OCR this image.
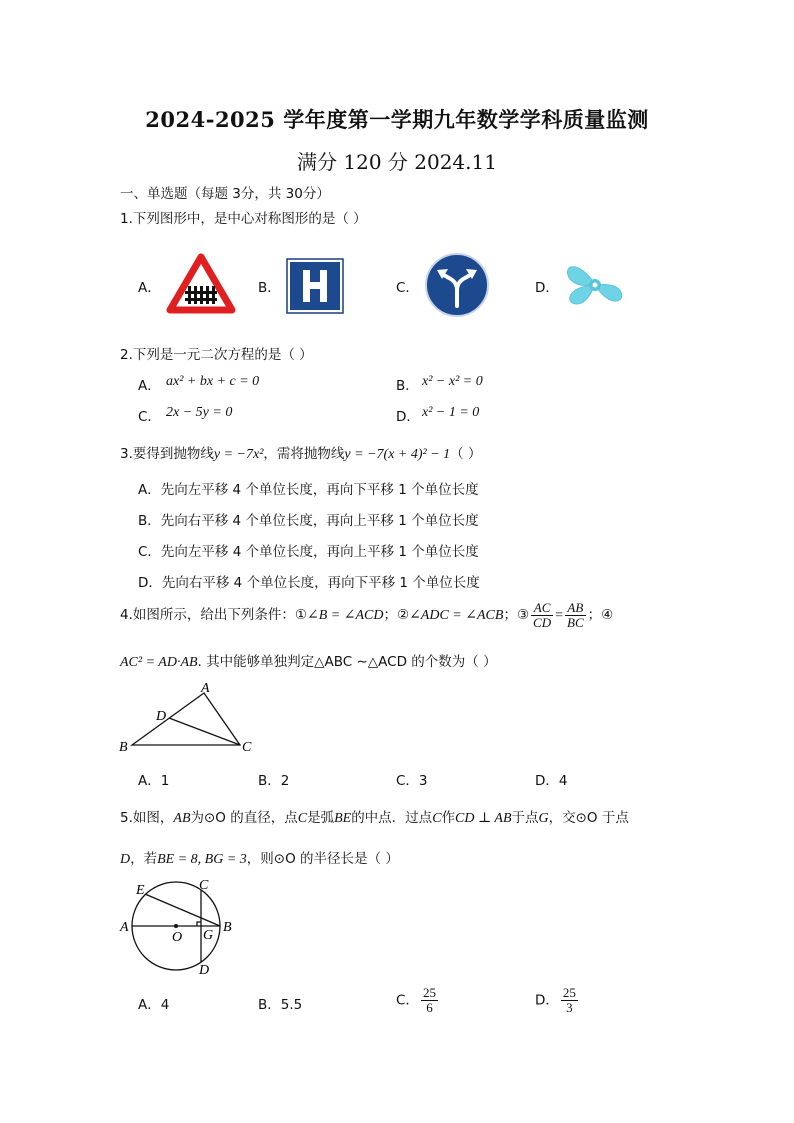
2024-2025 学年度第一学期九年数学学科质量监测
满分 120 分 2024.11
一、单选题（每题 3分，共 30分）
1.下列图形中，是中心对称图形的是（ ）
A．	B．	C．	D．
2.下列是一元二次方程的是（ ）
A． ax² + bx + c = 0	B． x² − x² = 0
C． 2x − 5y = 0	D． x² − 1 = 0
3.要得到抛物线y = −7x²，需将抛物线y = −7(x + 4)² − 1（ ）
A．先向左平移 4 个单位长度，再向下平移 1 个单位长度
B．先向右平移 4 个单位长度，再向上平移 1 个单位长度
C．先向左平移 4 个单位长度，再向上平移 1 个单位长度
D．先向右平移 4 个单位长度，再向下平移 1 个单位长度
4.如图所示，给出下列条件：①∠B = ∠ACD；②∠ADC = ∠ACB；③ $\frac{AC}{CD} = \frac{AB}{BC}$ ；④
AC² = AD·AB. 其中能够单独判定△ABC ∼△ACD 的个数为（ ）
A
D
B	C
A．1	B．2	C．3	D．4
5.如图，AB为⊙O 的直径，点C是弧BE的中点．过点C作CD ⊥ AB于点G，交⊙O 于点
D，若BE = 8, BG = 3，则⊙O 的半径长是（ ）
E	C
A
O G
B
D
A．4	B．5.5	C． $\frac{25}{6}$	D． $\frac{25}{3}$
